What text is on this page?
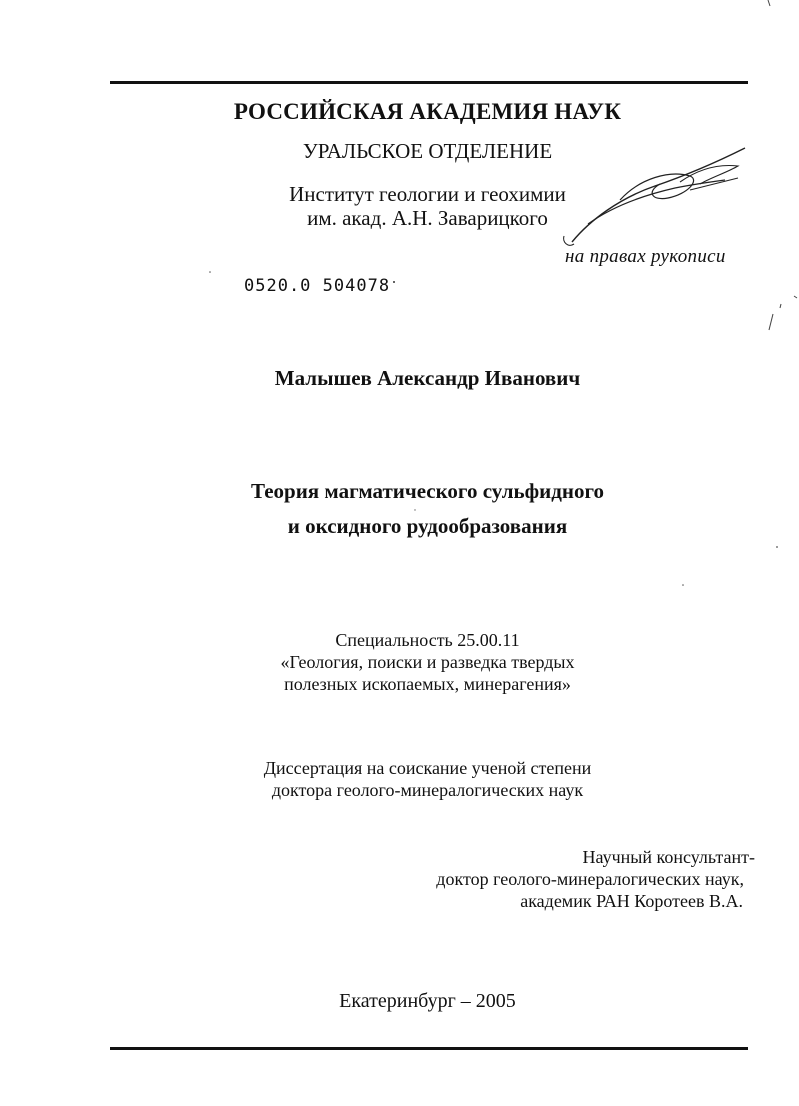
РОССИЙСКАЯ АКАДЕМИЯ НАУК
УРАЛЬСКОЕ ОТДЕЛЕНИЕ
Институт геологии и геохимии
им. акад. А.Н. Заварицкого
на правах рукописи
0520.0 504078
Малышев Александр Иванович
Теория магматического сульфидного
и оксидного рудообразования
Специальность 25.00.11
«Геология, поиски и разведка твердых
полезных ископаемых, минерагения»
Диссертация на соискание ученой степени
доктора геолого-минералогических наук
Научный консультант-
доктор геолого-минералогических наук,
академик РАН Коротеев В.А.
Екатеринбург – 2005
